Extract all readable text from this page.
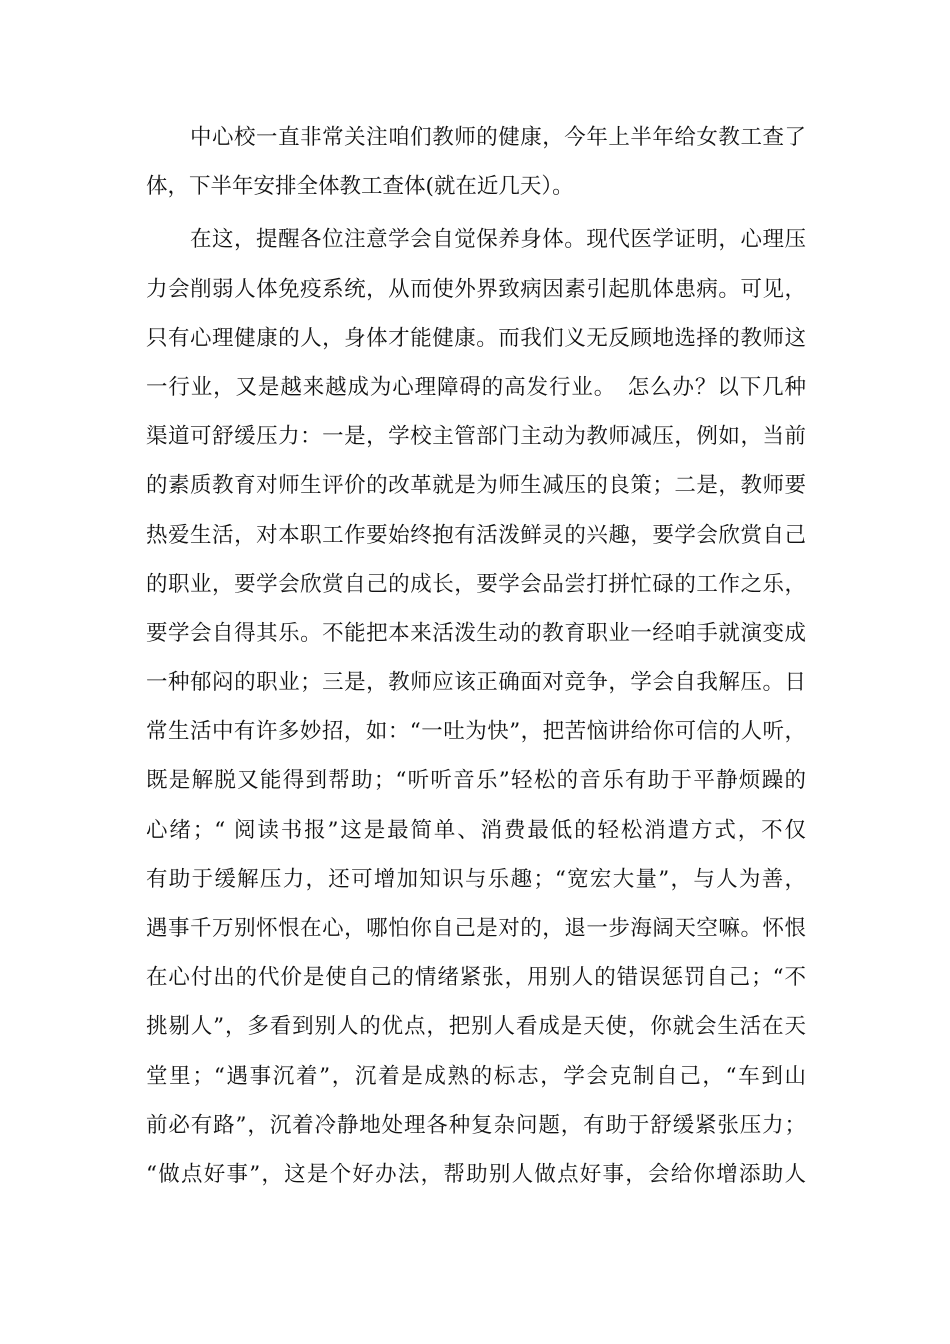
中心校一直非常关注咱们教师的健康，今年上半年给女教工查了
体，下半年安排全体教工查体(就在近几天）。
在这，提醒各位注意学会自觉保养身体。现代医学证明，心理压
力会削弱人体免疫系统，从而使外界致病因素引起肌体患病。可见，
只有心理健康的人，身体才能健康。而我们义无反顾地选择的教师这
一行业，又是越来越成为心理障碍的高发行业。　怎么办？以下几种
渠道可舒缓压力：一是，学校主管部门主动为教师减压，例如，当前
的素质教育对师生评价的改革就是为师生减压的良策；二是，教师要
热爱生活，对本职工作要始终抱有活泼鲜灵的兴趣，要学会欣赏自己
的职业，要学会欣赏自己的成长，要学会品尝打拼忙碌的工作之乐，
要学会自得其乐。不能把本来活泼生动的教育职业一经咱手就演变成
一种郁闷的职业；三是，教师应该正确面对竞争，学会自我解压。日
常生活中有许多妙招，如：“一吐为快”，把苦恼讲给你可信的人听，
既是解脱又能得到帮助；“听听音乐”轻松的音乐有助于平静烦躁的
心绪；“ 阅读书报”这是最简单、消费最低的轻松消遣方式，不仅
有助于缓解压力，还可增加知识与乐趣；“宽宏大量”，与人为善，
遇事千万别怀恨在心，哪怕你自己是对的，退一步海阔天空嘛。怀恨
在心付出的代价是使自己的情绪紧张，用别人的错误惩罚自己；“不
挑剔人”，多看到别人的优点，把别人看成是天使，你就会生活在天
堂里；“遇事沉着”，沉着是成熟的标志，学会克制自己，“车到山
前必有路”，沉着冷静地处理各种复杂问题，有助于舒缓紧张压力；
“做点好事”，这是个好办法，帮助别人做点好事，会给你增添助人
